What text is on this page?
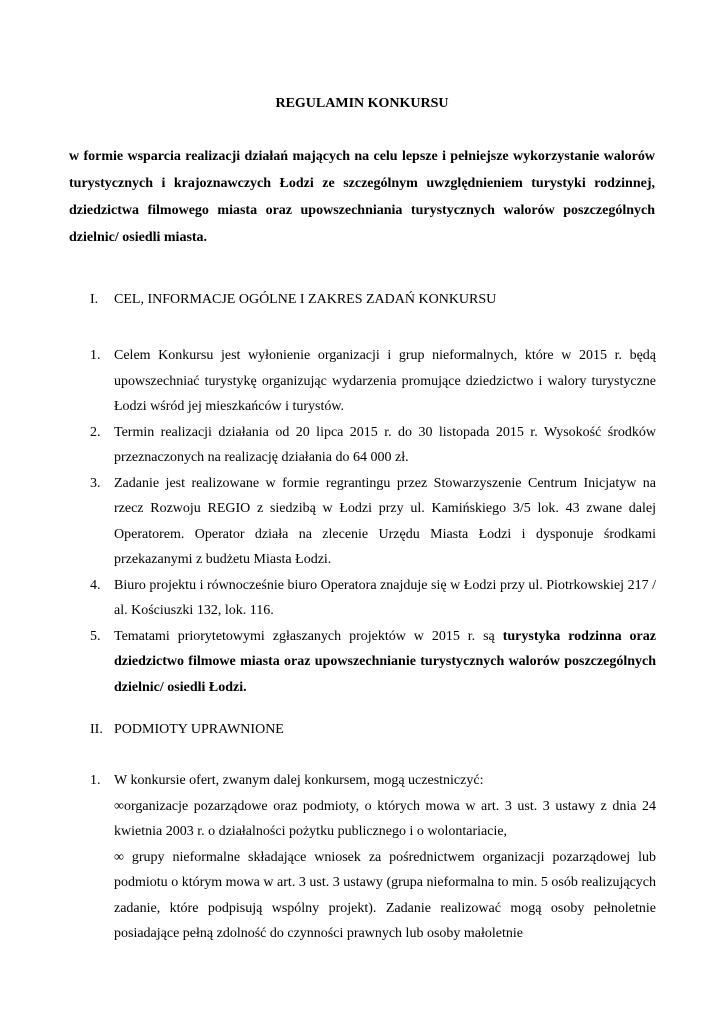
REGULAMIN KONKURSU
w formie wsparcia realizacji działań mających na celu lepsze i pełniejsze wykorzystanie walorów turystycznych i krajoznawczych Łodzi ze szczególnym uwzględnieniem turystyki rodzinnej, dziedzictwa filmowego miasta oraz upowszechniania turystycznych walorów poszczególnych dzielnic/ osiedli miasta.
I. CEL, INFORMACJE OGÓLNE I ZAKRES ZADAŃ KONKURSU
1. Celem Konkursu jest wyłonienie organizacji i grup nieformalnych, które w 2015 r. będą upowszechniać turystykę organizując wydarzenia promujące dziedzictwo i walory turystyczne Łodzi wśród jej mieszkańców i turystów.
2. Termin realizacji działania od 20 lipca 2015 r. do 30 listopada 2015 r. Wysokość środków przeznaczonych na realizację działania do 64 000 zł.
3. Zadanie jest realizowane w formie regrantingu przez Stowarzyszenie Centrum Inicjatyw na rzecz Rozwoju REGIO z siedzibą w Łodzi przy ul. Kamińskiego 3/5 lok. 43 zwane dalej Operatorem. Operator działa na zlecenie Urzędu Miasta Łodzi i dysponuje środkami przekazanymi z budżetu Miasta Łodzi.
4. Biuro projektu i równocześnie biuro Operatora znajduje się w Łodzi przy ul. Piotrkowskiej 217 / al. Kościuszki 132, lok. 116.
5. Tematami priorytetowymi zgłaszanych projektów w 2015 r. są turystyka rodzinna oraz dziedzictwo filmowe miasta oraz upowszechnianie turystycznych walorów poszczególnych dzielnic/ osiedli Łodzi.
II. PODMIOTY UPRAWNIONE
1. W konkursie ofert, zwanym dalej konkursem, mogą uczestniczyć:
∞organizacje pozarządowe oraz podmioty, o których mowa w art. 3 ust. 3 ustawy z dnia 24 kwietnia 2003 r. o działalności pożytku publicznego i o wolontariacie,
∞ grupy nieformalne składające wniosek za pośrednictwem organizacji pozarządowej lub podmiotu o którym mowa w art. 3 ust. 3 ustawy (grupa nieformalna to min. 5 osób realizujących zadanie, które podpisują wspólny projekt). Zadanie realizować mogą osoby pełnoletnie posiadające pełną zdolność do czynności prawnych lub osoby małoletnie
